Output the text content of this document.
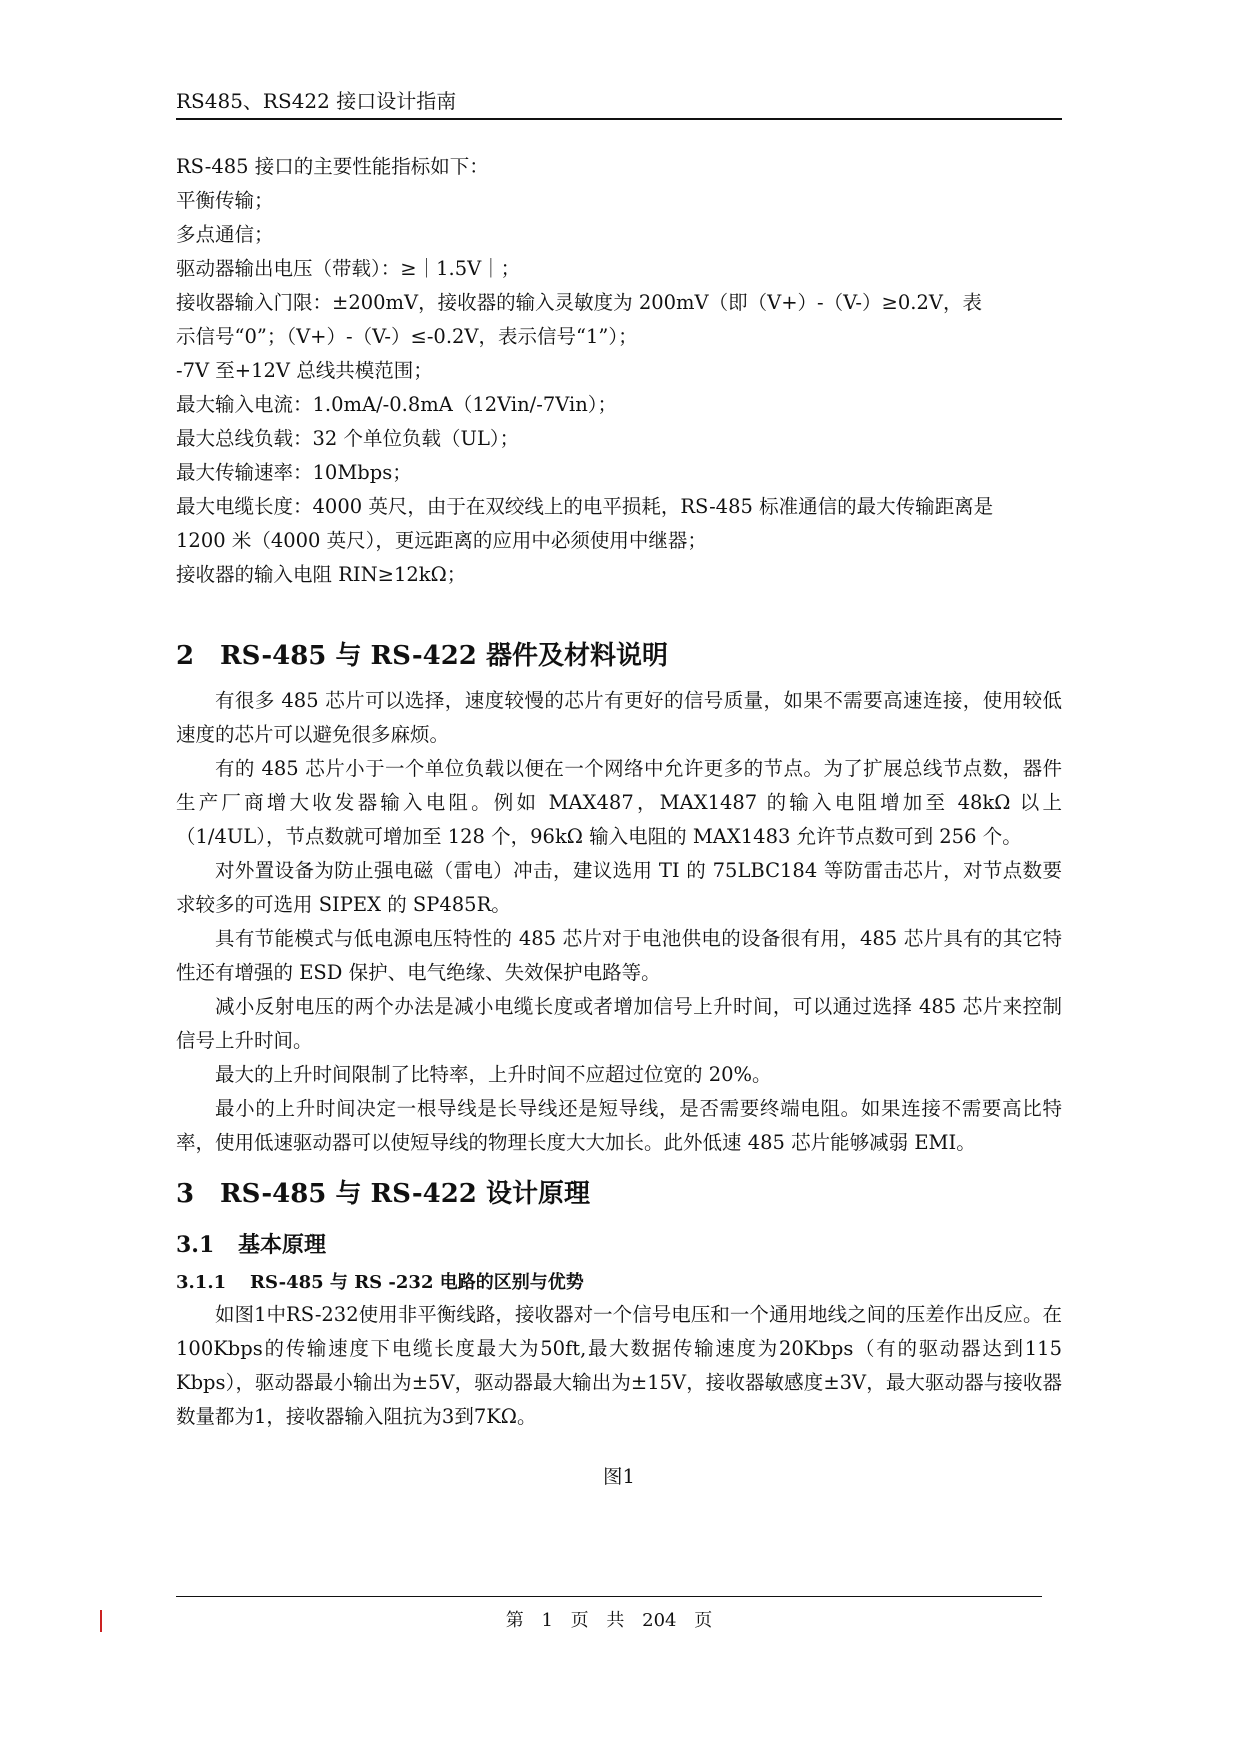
RS485、RS422 接口设计指南
RS-485 接口的主要性能指标如下：
平衡传输；
多点通信；
驱动器输出电压（带载）：≥｜1.5V｜；
接收器输入门限：±200mV，接收器的输入灵敏度为 200mV（即（V+）-（V-）≥0.2V，表
示信号“0”；（V+）-（V-）≤-0.2V，表示信号“1”）；
-7V 至+12V 总线共模范围；
最大输入电流：1.0mA/-0.8mA（12Vin/-7Vin）；
最大总线负载：32 个单位负载（UL）；
最大传输速率：10Mbps；
最大电缆长度：4000 英尺，由于在双绞线上的电平损耗，RS-485 标准通信的最大传输距离是
1200 米（4000 英尺），更远距离的应用中必须使用中继器；
接收器的输入电阻 RIN≥12kΩ；
2 RS-485 与 RS-422 器件及材料说明

有很多 485 芯片可以选择，速度较慢的芯片有更好的信号质量，如果不需要高速连接，使用较低速度的芯片可以避免很多麻烦。

有的 485 芯片小于一个单位负载以便在一个网络中允许更多的节点。为了扩展总线节点数，器件生产厂商增大收发器输入电阻。例如 MAX487，MAX1487 的输入电阻增加至 48kΩ 以上（1/4UL），节点数就可增加至 128 个，96kΩ 输入电阻的 MAX1483 允许节点数可到 256 个。

对外置设备为防止强电磁（雷电）冲击，建议选用 TI 的 75LBC184 等防雷击芯片，对节点数要求较多的可选用 SIPEX 的 SP485R。

具有节能模式与低电源电压特性的 485 芯片对于电池供电的设备很有用，485 芯片具有的其它特性还有增强的 ESD 保护、电气绝缘、失效保护电路等。

减小反射电压的两个办法是减小电缆长度或者增加信号上升时间，可以通过选择 485 芯片来控制信号上升时间。

最大的上升时间限制了比特率，上升时间不应超过位宽的 20%。

最小的上升时间决定一根导线是长导线还是短导线，是否需要终端电阻。如果连接不需要高比特率，使用低速驱动器可以使短导线的物理长度大大加长。此外低速 485 芯片能够减弱 EMI。

3 RS-485 与 RS-422 设计原理
3.1 基本原理
3.1.1 RS-485 与 RS -232 电路的区别与优势

如图1中RS-232使用非平衡线路，接收器对一个信号电压和一个通用地线之间的压差作出反应。在100Kbps的传输速度下电缆长度最大为50ft,最大数据传输速度为20Kbps（有的驱动器达到115 Kbps），驱动器最小输出为±5V，驱动器最大输出为±15V，接收器敏感度±3V，最大驱动器与接收器数量都为1，接收器输入阻抗为3到7KΩ。

图1
第 1 页 共 204 页
